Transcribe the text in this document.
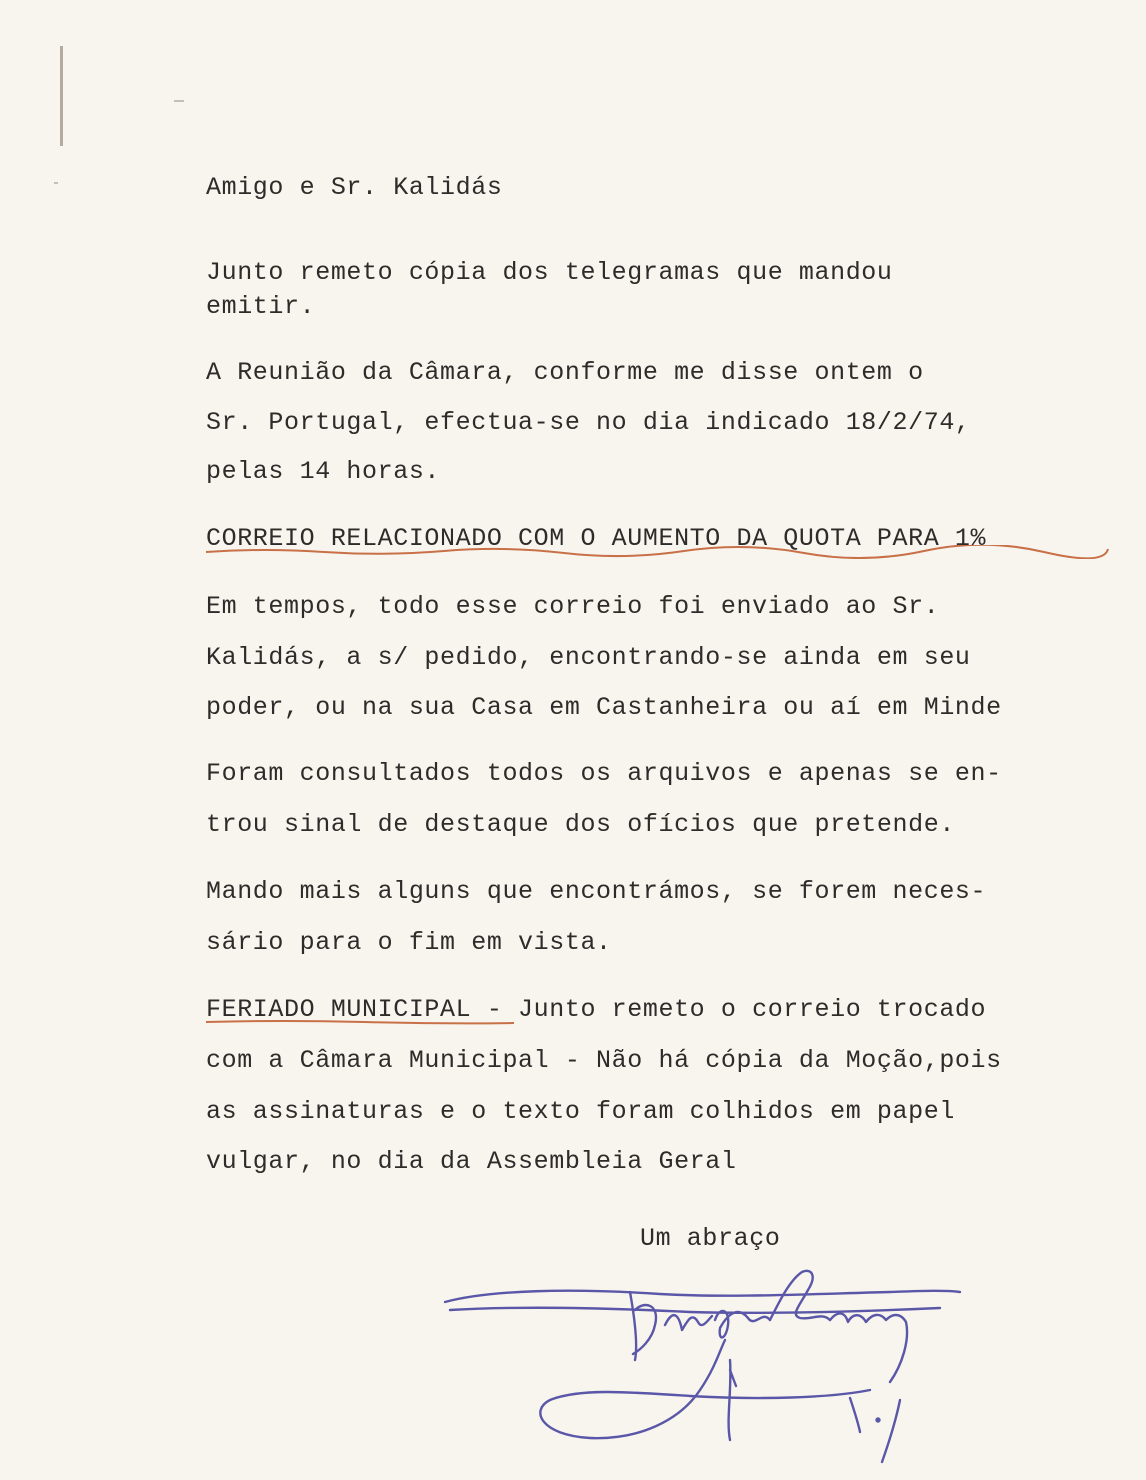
Amigo e Sr. Kalidás
Junto remeto cópia dos telegramas que mandou
emitir.
A Reunião da Câmara, conforme me disse ontem o
Sr. Portugal, efectua-se no dia indicado 18/2/74,
pelas 14 horas.
CORREIO RELACIONADO COM O AUMENTO DA QUOTA PARA 1%
Em tempos, todo esse correio foi enviado ao Sr.
Kalidás, a s/ pedido, encontrando-se ainda em seu
poder, ou na sua Casa em Castanheira ou aí em Minde
Foram consultados todos os arquivos e apenas se en-
trou sinal de destaque dos ofícios que pretende.
Mando mais alguns que encontrámos, se forem neces-
sário para o fim em vista.
FERIADO MUNICIPAL - Junto remeto o correio trocado
com a Câmara Municipal - Não há cópia da Moção,pois
as assinaturas e o texto foram colhidos em papel
vulgar, no dia da Assembleia Geral
Um abraço
